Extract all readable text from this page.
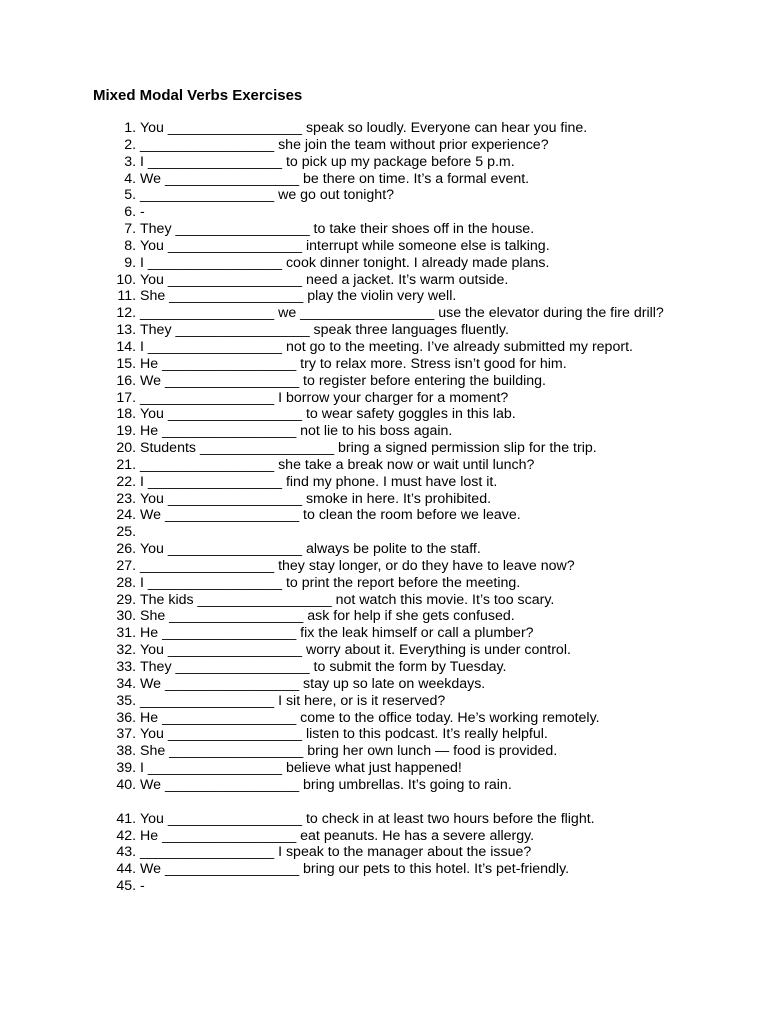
Mixed Modal Verbs Exercises
1. You _________________ speak so loudly. Everyone can hear you fine.
2. _________________ she join the team without prior experience?
3. I _________________ to pick up my package before 5 p.m.
4. We _________________ be there on time. It’s a formal event.
5. _________________ we go out tonight?
6. -
7. They _________________ to take their shoes off in the house.
8. You _________________ interrupt while someone else is talking.
9. I _________________ cook dinner tonight. I already made plans.
10. You _________________ need a jacket. It’s warm outside.
11. She _________________ play the violin very well.
12. _________________ we _________________ use the elevator during the fire drill?
13. They _________________ speak three languages fluently.
14. I _________________ not go to the meeting. I’ve already submitted my report.
15. He _________________ try to relax more. Stress isn’t good for him.
16. We _________________ to register before entering the building.
17. _________________ I borrow your charger for a moment?
18. You _________________ to wear safety goggles in this lab.
19. He _________________ not lie to his boss again.
20. Students _________________ bring a signed permission slip for the trip.
21. _________________ she take a break now or wait until lunch?
22. I _________________ find my phone. I must have lost it.
23. You _________________ smoke in here. It’s prohibited.
24. We _________________ to clean the room before we leave.
25.
26. You _________________ always be polite to the staff.
27. _________________ they stay longer, or do they have to leave now?
28. I _________________ to print the report before the meeting.
29. The kids _________________ not watch this movie. It’s too scary.
30. She _________________ ask for help if she gets confused.
31. He _________________ fix the leak himself or call a plumber?
32. You _________________ worry about it. Everything is under control.
33. They _________________ to submit the form by Tuesday.
34. We _________________ stay up so late on weekdays.
35. _________________ I sit here, or is it reserved?
36. He _________________ come to the office today. He’s working remotely.
37. You _________________ listen to this podcast. It’s really helpful.
38. She _________________ bring her own lunch — food is provided.
39. I _________________ believe what just happened!
40. We _________________ bring umbrellas. It’s going to rain.
41. You _________________ to check in at least two hours before the flight.
42. He _________________ eat peanuts. He has a severe allergy.
43. _________________ I speak to the manager about the issue?
44. We _________________ bring our pets to this hotel. It’s pet-friendly.
45. -
